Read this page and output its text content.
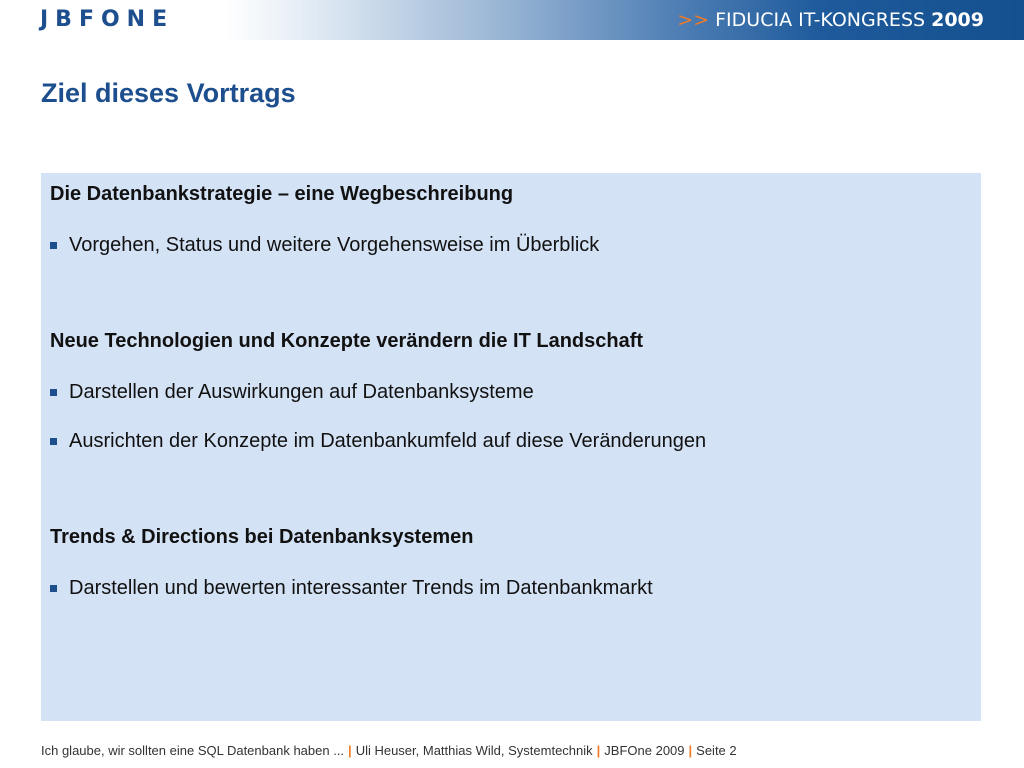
JBFONE	>> FIDUCIA IT-KONGRESS 2009
Ziel dieses Vortrags
Die Datenbankstrategie – eine Wegbeschreibung
Vorgehen, Status und weitere Vorgehensweise im Überblick
Neue Technologien und Konzepte verändern die IT Landschaft
Darstellen der Auswirkungen auf Datenbanksysteme
Ausrichten der Konzepte im Datenbankumfeld auf diese Veränderungen
Trends & Directions bei Datenbanksystemen
Darstellen und bewerten interessanter Trends im Datenbankmarkt
Ich glaube, wir sollten eine SQL Datenbank haben ... | Uli Heuser, Matthias Wild, Systemtechnik | JBFOne 2009 | Seite 2
